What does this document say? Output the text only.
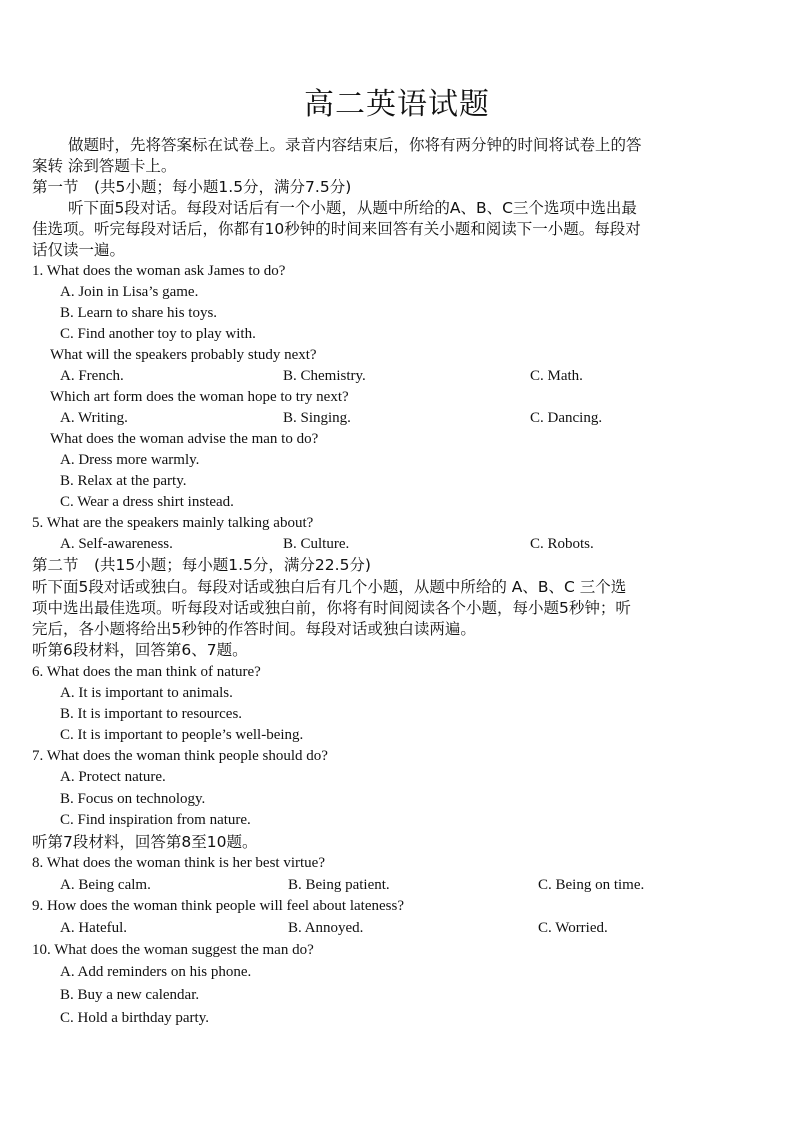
高二英语试题
做题时，先将答案标在试卷上。录音内容结束后，你将有两分钟的时间将试卷上的答
案转 涂到答题卡上。
第一节　(共5小题；每小题1.5分，满分7.5分)
听下面5段对话。每段对话后有一个小题，从题中所给的A、B、C三个选项中选出最
佳选项。听完每段对话后，你都有10秒钟的时间来回答有关小题和阅读下一小题。每段对
话仅读一遍。
1. What does the woman ask James to do?
A. Join in Lisa’s game.
B. Learn to share his toys.
C. Find another toy to play with.
What will the speakers probably study next?
A. French.	B. Chemistry.	C. Math.
Which art form does the woman hope to try next?
A. Writing.	B. Singing.	C. Dancing.
What does the woman advise the man to do?
A. Dress more warmly.
B. Relax at the party.
C. Wear a dress shirt instead.
5. What are the speakers mainly talking about?
A. Self-awareness.	B. Culture.	C. Robots.
第二节　(共15小题；每小题1.5分，满分22.5分)
听下面5段对话或独白。每段对话或独白后有几个小题，从题中所给的 A、B、C 三个选
项中选出最佳选项。听每段对话或独白前，你将有时间阅读各个小题，每小题5秒钟；听
完后，各小题将给出5秒钟的作答时间。每段对话或独白读两遍。
听第6段材料，回答第6、7题。
6. What does the man think of nature?
A. It is important to animals.
B. It is important to resources.
C. It is important to people’s well-being.
7. What does the woman think people should do?
A. Protect nature.
B. Focus on technology.
C. Find inspiration from nature.
听第7段材料，回答第8至10题。
8. What does the woman think is her best virtue?
A. Being calm.	B. Being patient.	C. Being on time.
9. How does the woman think people will feel about lateness?
A. Hateful.	B. Annoyed.	C. Worried.
10. What does the woman suggest the man do?
A. Add reminders on his phone.
B. Buy a new calendar.
C. Hold a birthday party.
